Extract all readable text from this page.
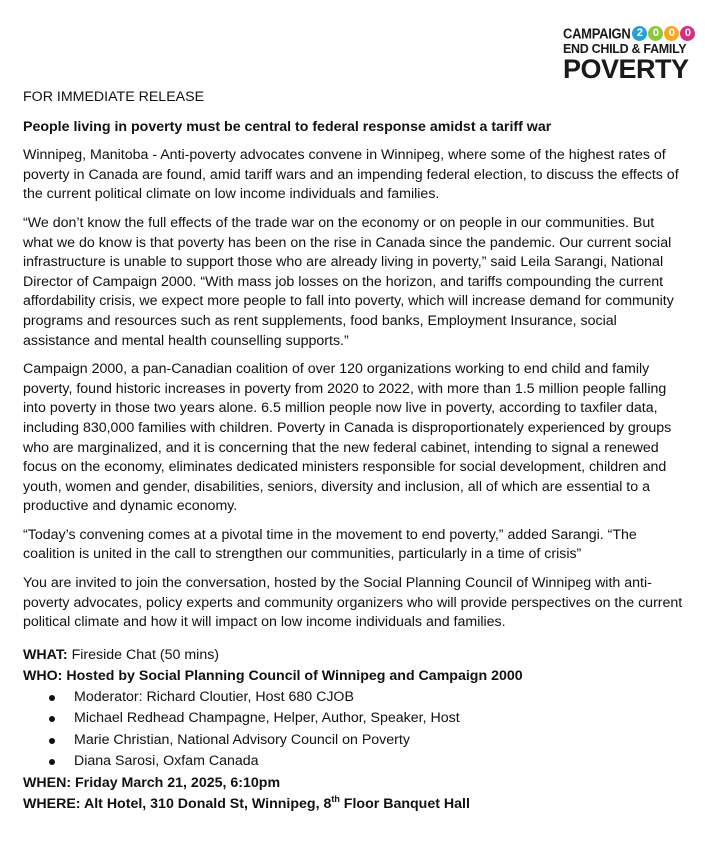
CAMPAIGN 2 0 0 0
END CHILD & FAMILY
POVERTY

FOR IMMEDIATE RELEASE

People living in poverty must be central to federal response amidst a tariff war

Winnipeg, Manitoba - Anti-poverty advocates convene in Winnipeg, where some of the highest rates of poverty in Canada are found, amid tariff wars and an impending federal election, to discuss the effects of the current political climate on low income individuals and families.

“We don’t know the full effects of the trade war on the economy or on people in our communities. But what we do know is that poverty has been on the rise in Canada since the pandemic. Our current social infrastructure is unable to support those who are already living in poverty,” said Leila Sarangi, National Director of Campaign 2000. “With mass job losses on the horizon, and tariffs compounding the current affordability crisis, we expect more people to fall into poverty, which will increase demand for community programs and resources such as rent supplements, food banks, Employment Insurance, social assistance and mental health counselling supports.”

Campaign 2000, a pan-Canadian coalition of over 120 organizations working to end child and family poverty, found historic increases in poverty from 2020 to 2022, with more than 1.5 million people falling into poverty in those two years alone. 6.5 million people now live in poverty, according to taxfiler data, including 830,000 families with children. Poverty in Canada is disproportionately experienced by groups who are marginalized, and it is concerning that the new federal cabinet, intending to signal a renewed focus on the economy, eliminates dedicated ministers responsible for social development, children and youth, women and gender, disabilities, seniors, diversity and inclusion, all of which are essential to a productive and dynamic economy.

“Today’s convening comes at a pivotal time in the movement to end poverty,” added Sarangi. “The coalition is united in the call to strengthen our communities, particularly in a time of crisis”

You are invited to join the conversation, hosted by the Social Planning Council of Winnipeg with anti-poverty advocates, policy experts and community organizers who will provide perspectives on the current political climate and how it will impact on low income individuals and families.

WHAT: Fireside Chat (50 mins)
WHO: Hosted by Social Planning Council of Winnipeg and Campaign 2000
Moderator: Richard Cloutier, Host 680 CJOB
Michael Redhead Champagne, Helper, Author, Speaker, Host
Marie Christian, National Advisory Council on Poverty
Diana Sarosi, Oxfam Canada
WHEN: Friday March 21, 2025, 6:10pm
WHERE: Alt Hotel, 310 Donald St, Winnipeg, 8th Floor Banquet Hall
